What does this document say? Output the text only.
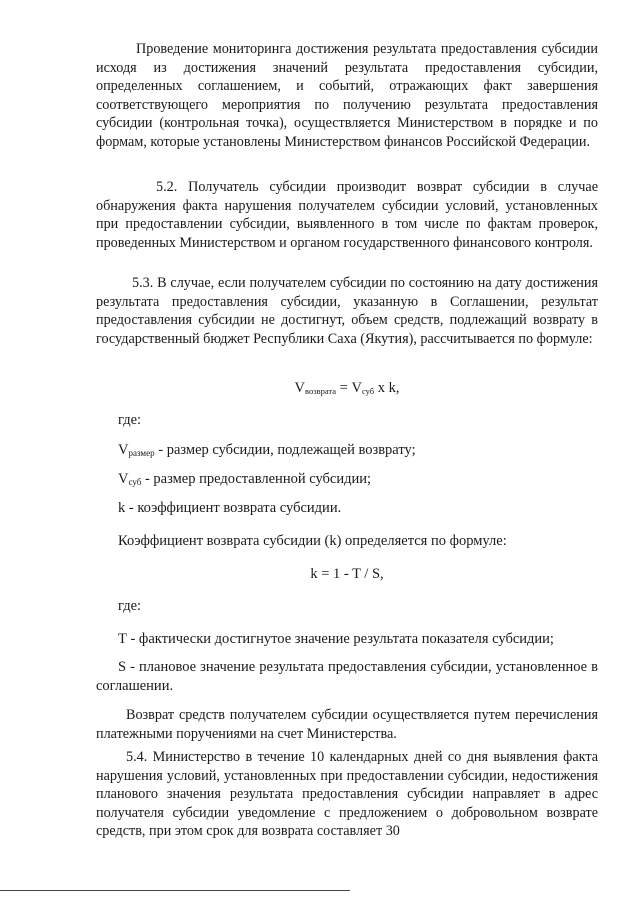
Проведение мониторинга достижения результата предоставления субсидии исходя из достижения значений результата предоставления субсидии, определенных соглашением, и событий, отражающих факт завершения соответствующего мероприятия по получению результата предоставления субсидии (контрольная точка), осуществляется Министерством в порядке и по формам, которые установлены Министерством финансов Российской Федерации.

5.2. Получатель субсидии производит возврат субсидии в случае обнаружения факта нарушения получателем субсидии условий, установленных при предоставлении субсидии, выявленного в том числе по фактам проверок, проведенных Министерством и органом государственного финансового контроля.

5.3. В случае, если получателем субсидии по состоянию на дату достижения результата предоставления субсидии, указанную в Соглашении, результат предоставления субсидии не достигнут, объем средств, подлежащий возврату в государственный бюджет Республики Саха (Якутия), рассчитывается по формуле:

$V_{возврата} = V_{суб}$ x k,

где:

$V_{размер}$ - размер субсидии, подлежащей возврату;

$V_{суб}$ - размер предоставленной субсидии;

k - коэффициент возврата субсидии.

Коэффициент возврата субсидии (k) определяется по формуле:

k = 1 - T / S,

где:

Т - фактически достигнутое значение результата показателя субсидии;

S - плановое значение результата предоставления субсидии, установленное в соглашении.

Возврат средств получателем субсидии осуществляется путем перечисления платежными поручениями на счет Министерства.

5.4. Министерство в течение 10 календарных дней со дня выявления факта нарушения условий, установленных при предоставлении субсидии, недостижения планового значения результата предоставления субсидии направляет в адрес получателя субсидии уведомление с предложением о добровольном возврате средств, при этом срок для возврата составляет 30
